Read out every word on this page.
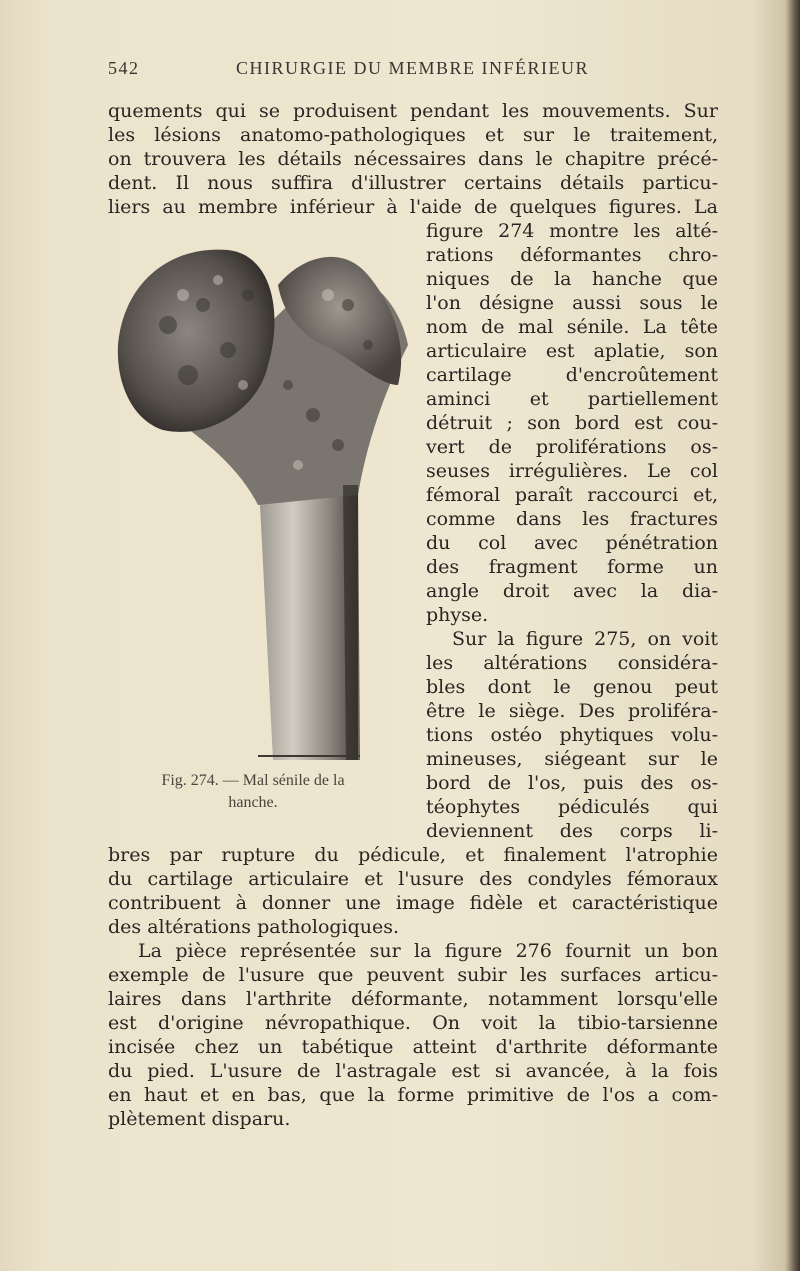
542	CHIRURGIE DU MEMBRE INFÉRIEUR
quements qui se produisent pendant les mouvements. Sur
les lésions anatomo-pathologiques et sur le traitement,
on trouvera les détails nécessaires dans le chapitre précé-
dent. Il nous suffira d'illustrer certains détails particu-
liers au membre inférieur à l'aide de quelques figures. La
figure 274 montre les alté-
rations déformantes chro-
niques de la hanche que
l'on désigne aussi sous le
nom de mal sénile. La tête
articulaire est aplatie, son
cartilage d'encroûtement
aminci et partiellement
détruit ; son bord est cou-
vert de proliférations os-
seuses irrégulières. Le col
fémoral paraît raccourci et,
comme dans les fractures
du col avec pénétration
des fragment forme un
angle droit avec la dia-
physe.
Sur la figure 275, on voit
les altérations considéra-
bles dont le genou peut
être le siège. Des proliféra-
tions ostéo phytiques volu-
mineuses, siégeant sur le
bord de l'os, puis des os-
téophytes pédiculés qui
deviennent des corps li-
bres par rupture du pédicule, et finalement l'atrophie
du cartilage articulaire et l'usure des condyles fémoraux
contribuent à donner une image fidèle et caractéristique
des altérations pathologiques.
La pièce représentée sur la figure 276 fournit un bon
exemple de l'usure que peuvent subir les surfaces articu-
laires dans l'arthrite déformante, notamment lorsqu'elle
est d'origine névropathique. On voit la tibio-tarsienne
incisée chez un tabétique atteint d'arthrite déformante
du pied. L'usure de l'astragale est si avancée, à la fois
en haut et en bas, que la forme primitive de l'os a com-
plètement disparu.
Fig. 274. — Mal sénile de la
hanche.
